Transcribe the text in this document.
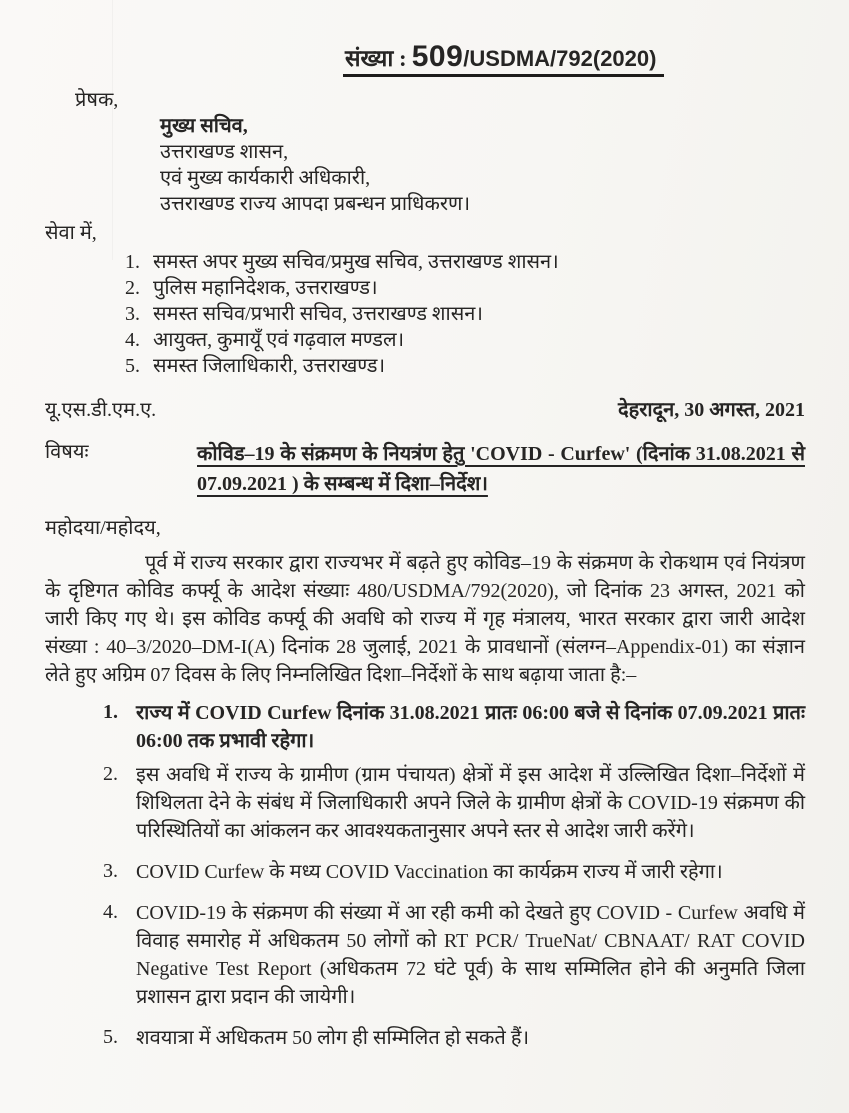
संख्या : 509/USDMA/792(2020)
प्रेषक,
मुख्य सचिव,
उत्तराखण्ड शासन,
एवं मुख्य कार्यकारी अधिकारी,
उत्तराखण्ड राज्य आपदा प्रबन्धन प्राधिकरण।
सेवा में,
1. समस्त अपर मुख्य सचिव/प्रमुख सचिव, उत्तराखण्ड शासन।
2. पुलिस महानिदेशक, उत्तराखण्ड।
3. समस्त सचिव/प्रभारी सचिव, उत्तराखण्ड शासन।
4. आयुक्त, कुमायूँ एवं गढ़वाल मण्डल।
5. समस्त जिलाधिकारी, उत्तराखण्ड।
यू.एस.डी.एम.ए.	देहरादून, 30 अगस्त, 2021
विषयः	कोविड–19 के संक्रमण के नियत्रंण हेतु 'COVID - Curfew' (दिनांक 31.08.2021 से 07.09.2021 ) के सम्बन्ध में दिशा–निर्देश।
महोदया/महोदय,

पूर्व में राज्य सरकार द्वारा राज्यभर में बढ़ते हुए कोविड–19 के संक्रमण के रोकथाम एवं नियंत्रण के दृष्टिगत कोविड कर्फ्यू के आदेश संख्याः 480/USDMA/792(2020), जो दिनांक 23 अगस्त, 2021 को जारी किए गए थे। इस कोविड कर्फ्यू की अवधि को राज्य में गृह मंत्रालय, भारत सरकार द्वारा जारी आदेश संख्या : 40–3/2020–DM-I(A) दिनांक 28 जुलाई, 2021 के प्रावधानों (संलग्न–Appendix-01) का संज्ञान लेते हुए अग्रिम 07 दिवस के लिए निम्नलिखित दिशा–निर्देशों के साथ बढ़ाया जाता है:–

1. राज्य में COVID Curfew दिनांक 31.08.2021 प्रातः 06:00 बजे से दिनांक 07.09.2021 प्रातः 06:00 तक प्रभावी रहेगा।
2. इस अवधि में राज्य के ग्रामीण (ग्राम पंचायत) क्षेत्रों में इस आदेश में उल्लिखित दिशा–निर्देशों में शिथिलता देने के संबंध में जिलाधिकारी अपने जिले के ग्रामीण क्षेत्रों के COVID-19 संक्रमण की परिस्थितियों का आंकलन कर आवश्यकतानुसार अपने स्तर से आदेश जारी करेंगे।
3. COVID Curfew के मध्य COVID Vaccination का कार्यक्रम राज्य में जारी रहेगा।
4. COVID-19 के संक्रमण की संख्या में आ रही कमी को देखते हुए COVID - Curfew अवधि में विवाह समारोह में अधिकतम 50 लोगों को RT PCR/ TrueNat/ CBNAAT/ RAT COVID Negative Test Report (अधिकतम 72 घंटे पूर्व) के साथ सम्मिलित होने की अनुमति जिला प्रशासन द्वारा प्रदान की जायेगी।
5. शवयात्रा में अधिकतम 50 लोग ही सम्मिलित हो सकते हैं।
